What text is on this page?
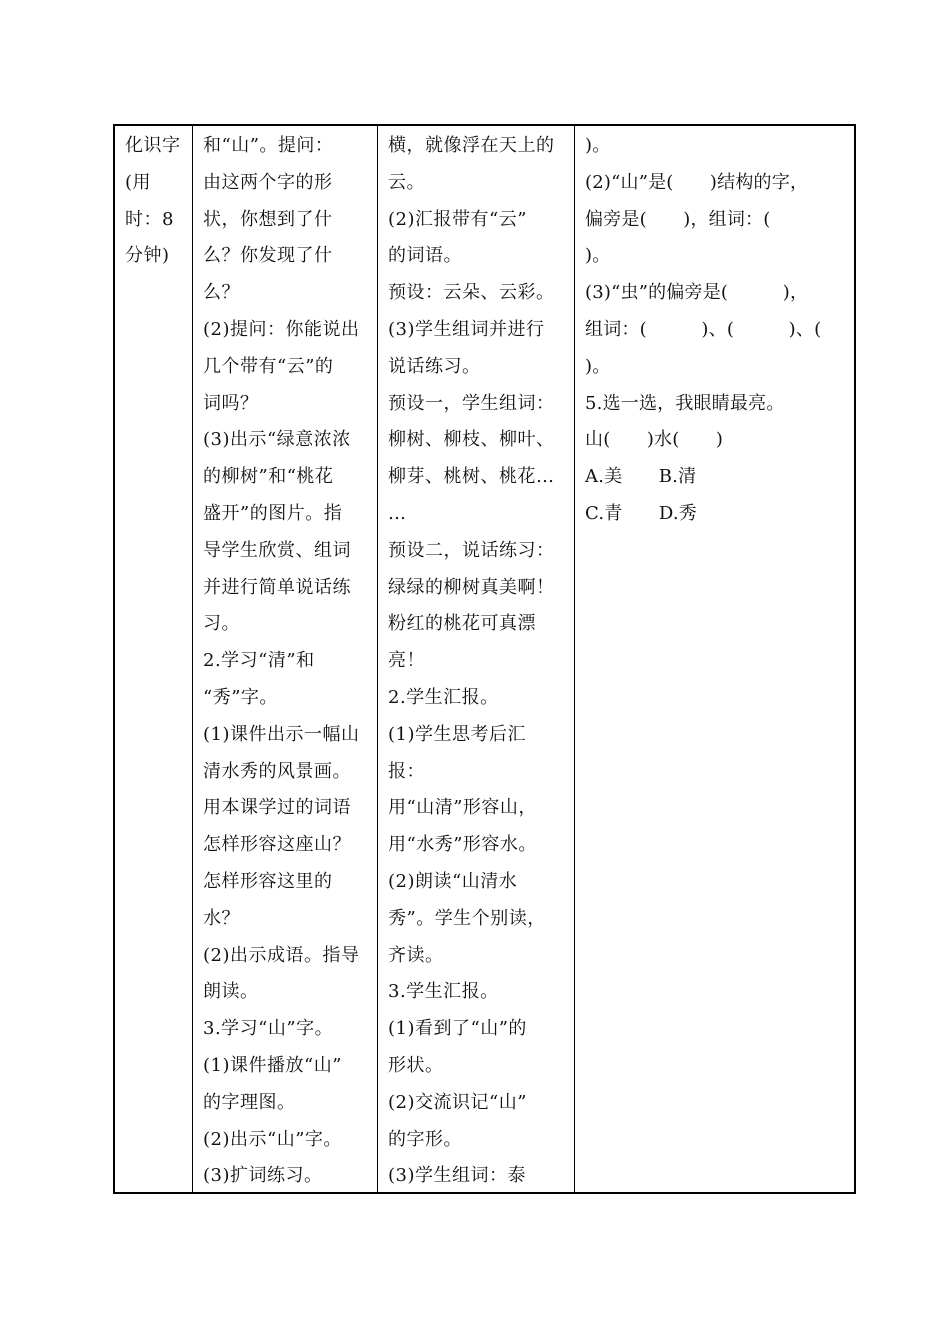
化识字
(用
时：8
分钟)
和“山”。提问：
由这两个字的形
状，你想到了什
么？你发现了什
么？
(2)提问：你能说出
几个带有“云”的
词吗？
(3)出示“绿意浓浓
的柳树”和“桃花
盛开”的图片。指
导学生欣赏、组词
并进行简单说话练
习。
2.学习“清”和
“秀”字。
(1)课件出示一幅山
清水秀的风景画。
用本课学过的词语
怎样形容这座山？
怎样形容这里的
水？
(2)出示成语。指导
朗读。
3.学习“山”字。
(1)课件播放“山”
的字理图。
(2)出示“山”字。
(3)扩词练习。
横，就像浮在天上的
云。
(2)汇报带有“云”
的词语。
预设：云朵、云彩。
(3)学生组词并进行
说话练习。
预设一，学生组词：
柳树、柳枝、柳叶、
柳芽、桃树、桃花…
…
预设二，说话练习：
绿绿的柳树真美啊！
粉红的桃花可真漂
亮！
2.学生汇报。
(1)学生思考后汇
报：
用“山清”形容山，
用“水秀”形容水。
(2)朗读“山清水
秀”。学生个别读，
齐读。
3.学生汇报。
(1)看到了“山”的
形状。
(2)交流识记“山”
的字形。
(3)学生组词：泰
)。
(2)“山”是(　　)结构的字，
偏旁是(　　)，组词：(
)。
(3)“虫”的偏旁是(　　　)，
组词：(　　　)、(　　　)、(
)。
5.选一选，我眼睛最亮。
山(　　)水(　　)
A.美　　B.清
C.青　　D.秀
